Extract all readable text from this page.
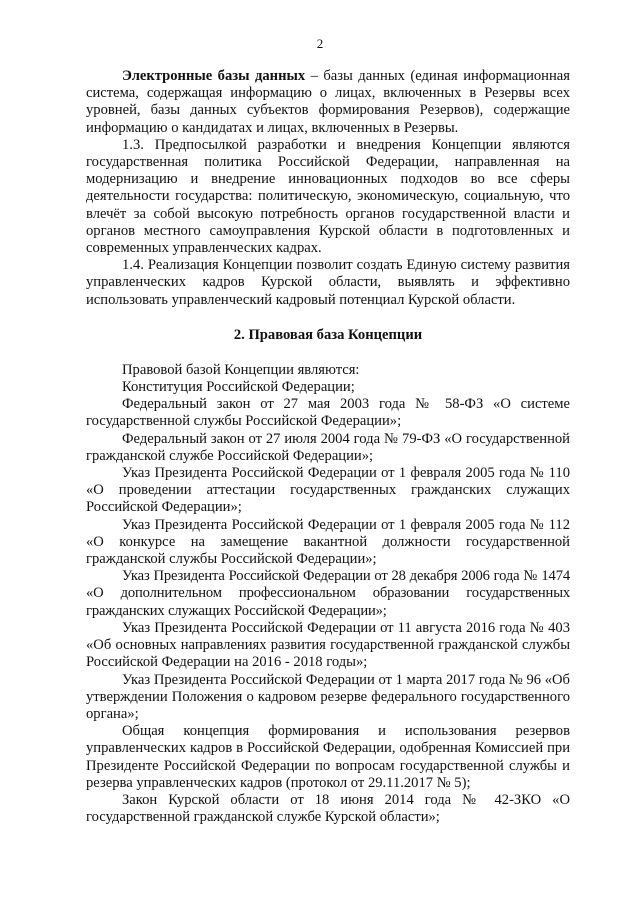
2

Электронные базы данных – базы данных (единая информационная система, содержащая информацию о лицах, включенных в Резервы всех уровней, базы данных субъектов формирования Резервов), содержащие информацию о кандидатах и лицах, включенных в Резервы.

1.3. Предпосылкой разработки и внедрения Концепции являются государственная политика Российской Федерации, направленная на модернизацию и внедрение инновационных подходов во все сферы деятельности государства: политическую, экономическую, социальную, что влечёт за собой высокую потребность органов государственной власти и органов местного самоуправления Курской области в подготовленных и современных управленческих кадрах.

1.4. Реализация Концепции позволит создать Единую систему развития управленческих кадров Курской области, выявлять и эффективно использовать управленческий кадровый потенциал Курской области.

2. Правовая база Концепции

Правовой базой Концепции являются:

Конституция Российской Федерации;

Федеральный закон от 27 мая 2003 года № 58-ФЗ «О системе государственной службы Российской Федерации»;

Федеральный закон от 27 июля 2004 года № 79-ФЗ «О государственной гражданской службе Российской Федерации»;

Указ Президента Российской Федерации от 1 февраля 2005 года № 110 «О проведении аттестации государственных гражданских служащих Российской Федерации»;

Указ Президента Российской Федерации от 1 февраля 2005 года № 112 «О конкурсе на замещение вакантной должности государственной гражданской службы Российской Федерации»;

Указ Президента Российской Федерации от 28 декабря 2006 года № 1474 «О дополнительном профессиональном образовании государственных гражданских служащих Российской Федерации»;

Указ Президента Российской Федерации от 11 августа 2016 года № 403 «Об основных направлениях развития государственной гражданской службы Российской Федерации на 2016 - 2018 годы»;

Указ Президента Российской Федерации от 1 марта 2017 года № 96 «Об утверждении Положения о кадровом резерве федерального государственного органа»;

Общая концепция формирования и использования резервов управленческих кадров в Российской Федерации, одобренная Комиссией при Президенте Российской Федерации по вопросам государственной службы и резерва управленческих кадров (протокол от 29.11.2017 № 5);

Закон Курской области от 18 июня 2014 года № 42-ЗКО «О государственной гражданской службе Курской области»;
